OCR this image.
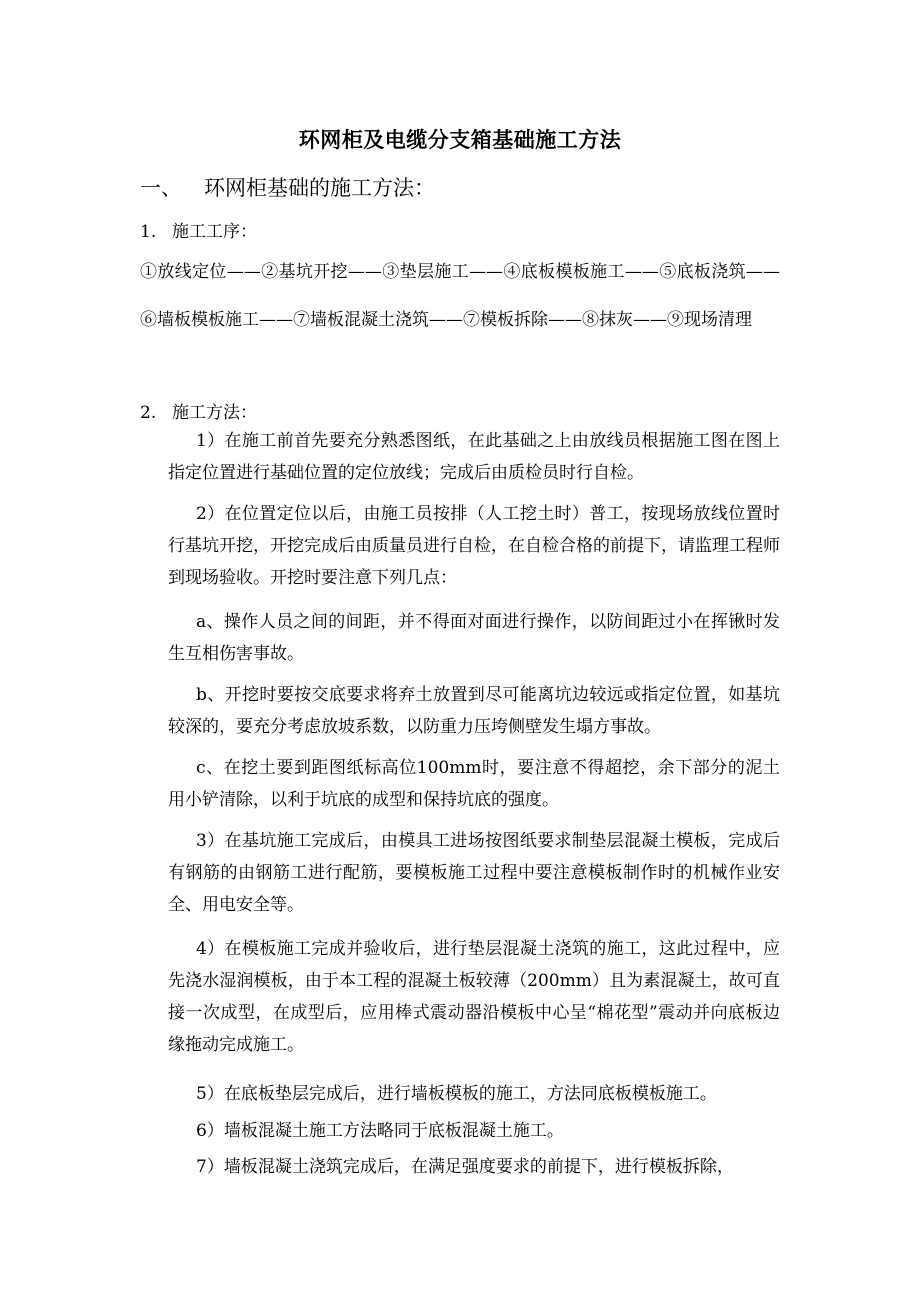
环网柜及电缆分支箱基础施工方法
一、 环网柜基础的施工方法：
1. 施工工序：
①放线定位——②基坑开挖——③垫层施工——④底板模板施工——⑤底板浇筑——⑥墙板模板施工——⑦墙板混凝土浇筑——⑦模板拆除——⑧抹灰——⑨现场清理
2. 施工方法：

1）在施工前首先要充分熟悉图纸，在此基础之上由放线员根据施工图在图上指定位置进行基础位置的定位放线；完成后由质检员时行自检。

2）在位置定位以后，由施工员按排（人工挖土时）普工，按现场放线位置时行基坑开挖，开挖完成后由质量员进行自检，在自检合格的前提下，请监理工程师到现场验收。开挖时要注意下列几点：

a、操作人员之间的间距，并不得面对面进行操作，以防间距过小在挥锹时发生互相伤害事故。

b、开挖时要按交底要求将弃土放置到尽可能离坑边较远或指定位置，如基坑较深的，要充分考虑放坡系数，以防重力压垮侧壁发生塌方事故。

c、在挖土要到距图纸标高位100mm时，要注意不得超挖，余下部分的泥土用小铲清除，以利于坑底的成型和保持坑底的强度。

3）在基坑施工完成后，由模具工进场按图纸要求制垫层混凝土模板，完成后有钢筋的由钢筋工进行配筋，要模板施工过程中要注意模板制作时的机械作业安全、用电安全等。

4）在模板施工完成并验收后，进行垫层混凝土浇筑的施工，这此过程中，应先浇水湿润模板，由于本工程的混凝土板较薄（200mm）且为素混凝土，故可直接一次成型，在成型后，应用棒式震动器沿模板中心呈“棉花型”震动并向底板边缘拖动完成施工。

5）在底板垫层完成后，进行墙板模板的施工，方法同底板模板施工。

6）墙板混凝土施工方法略同于底板混凝土施工。

7）墙板混凝土浇筑完成后，在满足强度要求的前提下，进行模板拆除，
